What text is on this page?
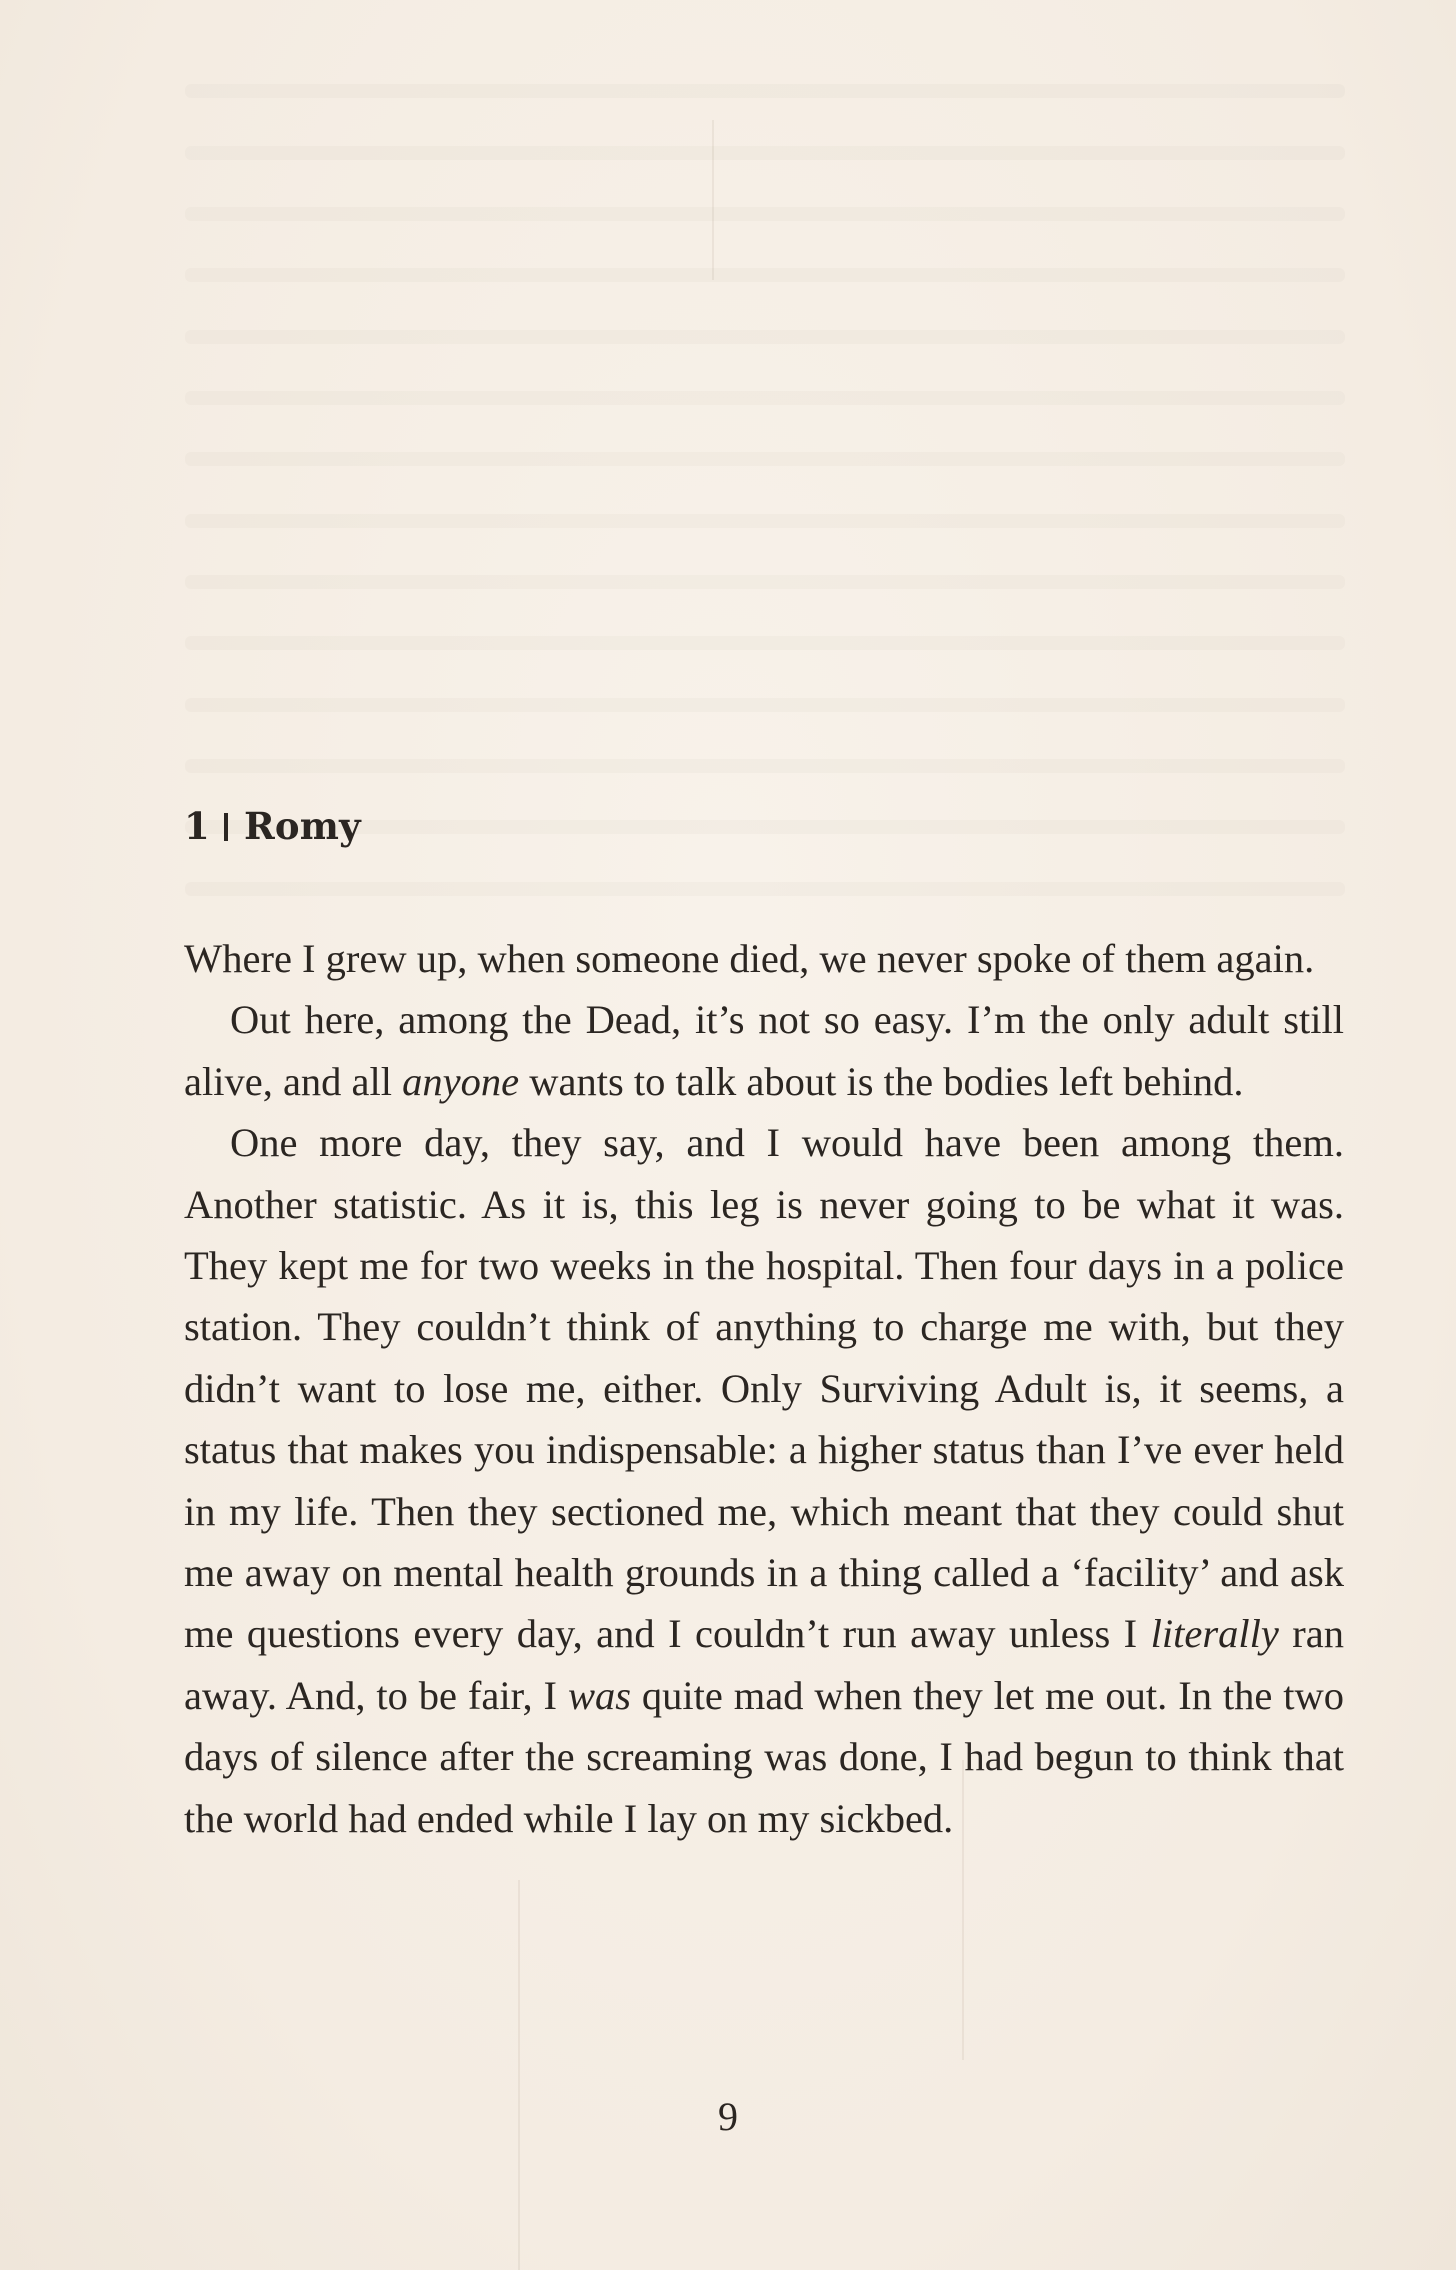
1 Romy

Where I grew up, when someone died, we never spoke of them again.

Out here, among the Dead, it’s not so easy. I’m the only adult still alive, and all anyone wants to talk about is the bodies left behind.

One more day, they say, and I would have been among them. Another statistic. As it is, this leg is never going to be what it was. They kept me for two weeks in the hospital. Then four days in a police station. They couldn’t think of anything to charge me with, but they didn’t want to lose me, either. Only Surviving Adult is, it seems, a status that makes you indispensable: a higher status than I’ve ever held in my life. Then they sectioned me, which meant that they could shut me away on mental health grounds in a thing called a ‘facility’ and ask me questions every day, and I couldn’t run away unless I literally ran away. And, to be fair, I was quite mad when they let me out. In the two days of silence after the screaming was done, I had begun to think that the world had ended while I lay on my sickbed.

9
